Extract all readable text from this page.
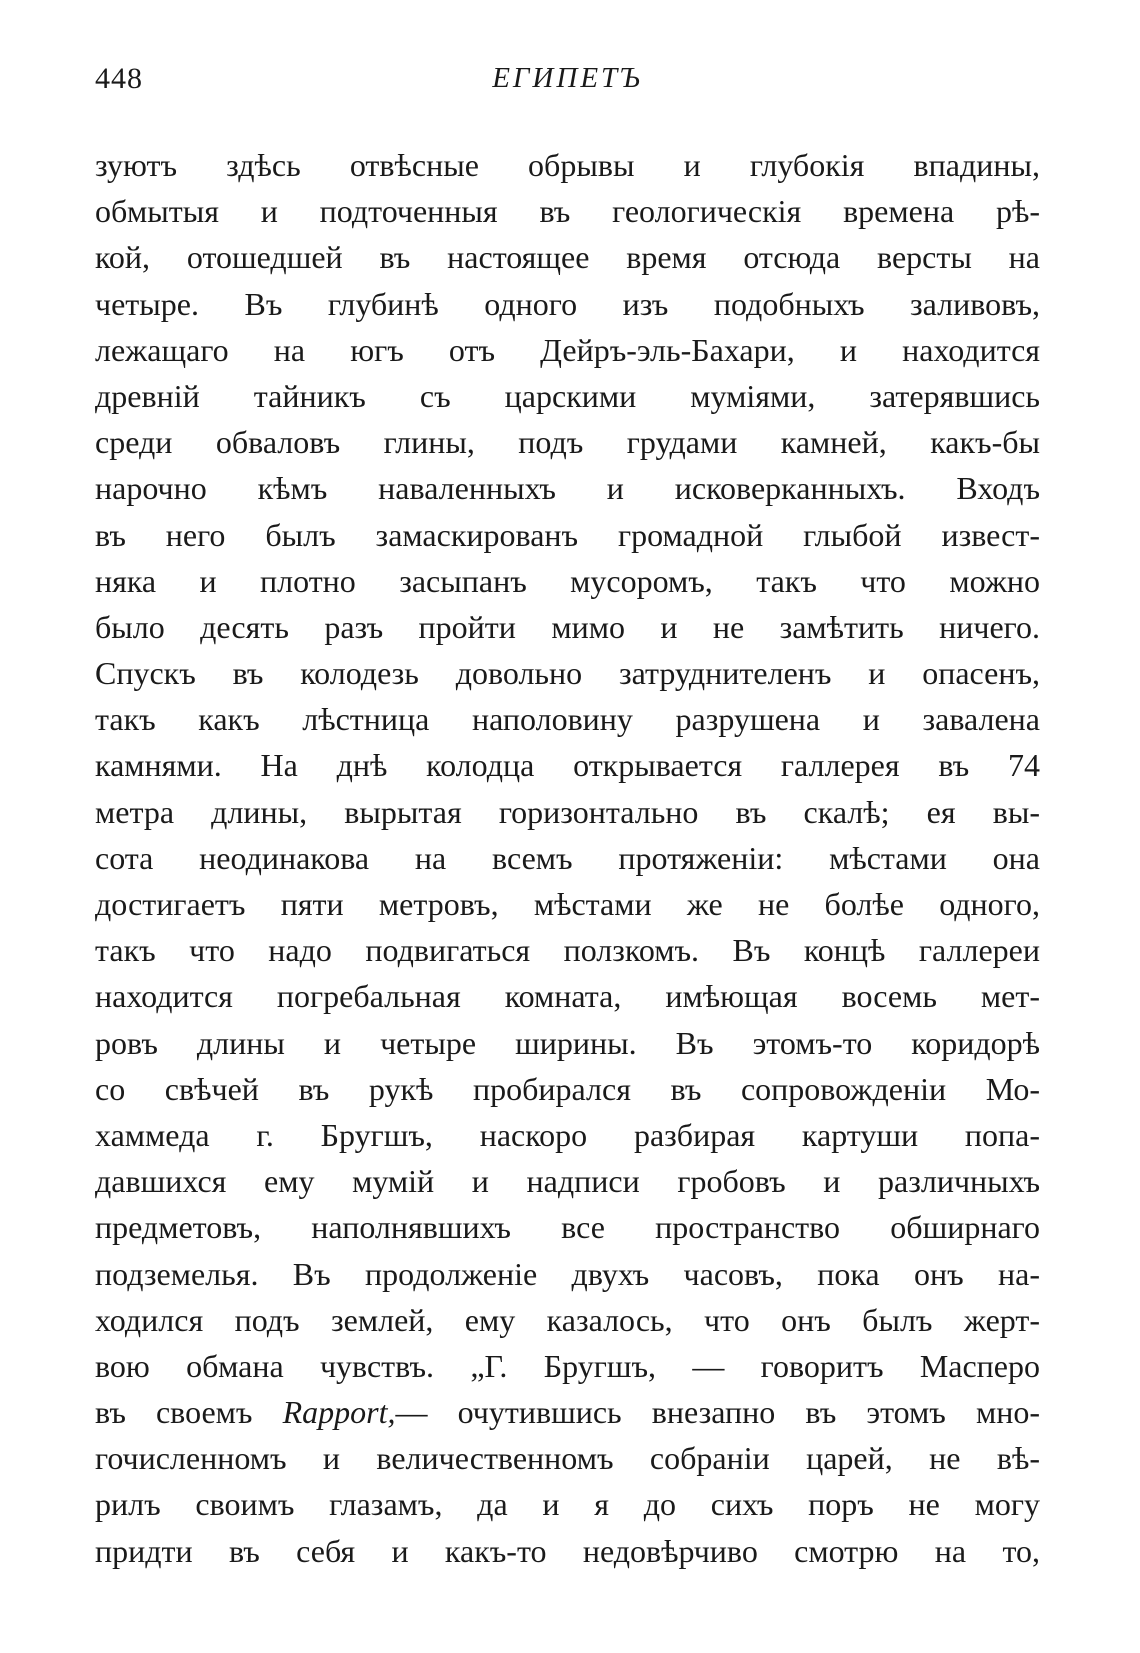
448	ЕГИПЕТЪ
зуютъ здѣсь отвѣсные обрывы и глубокія впадины,
обмытыя и подточенныя въ геологическія времена рѣ-
кой, отошедшей въ настоящее время отсюда версты на
четыре. Въ глубинѣ одного изъ подобныхъ заливовъ,
лежащаго на югъ отъ Дейръ-эль-Бахари, и находится
древній тайникъ съ царскими муміями, затерявшись
среди обваловъ глины, подъ грудами камней, какъ-бы
нарочно кѣмъ наваленныхъ и исковерканныхъ. Входъ
въ него былъ замаскированъ громадной глыбой извест-
няка и плотно засыпанъ мусоромъ, такъ что можно
было десять разъ пройти мимо и не замѣтить ничего.
Спускъ въ колодезь довольно затруднителенъ и опасенъ,
такъ какъ лѣстница наполовину разрушена и завалена
камнями. На днѣ колодца открывается галлерея въ 74
метра длины, вырытая горизонтально въ скалѣ; ея вы-
сота неодинакова на всемъ протяженіи: мѣстами она
достигаетъ пяти метровъ, мѣстами же не болѣе одного,
такъ что надо подвигаться ползкомъ. Въ концѣ галлереи
находится погребальная комната, имѣющая восемь мет-
ровъ длины и четыре ширины. Въ этомъ-то коридорѣ
со свѣчей въ рукѣ пробирался въ сопровожденіи Мо-
хаммеда г. Бругшъ, наскоро разбирая картуши попа-
давшихся ему мумій и надписи гробовъ и различныхъ
предметовъ, наполнявшихъ все пространство обширнаго
подземелья. Въ продолженіе двухъ часовъ, пока онъ на-
ходился подъ землей, ему казалось, что онъ былъ жерт-
вою обмана чувствъ. „Г. Бругшъ, — говоритъ Масперо
въ своемъ Rapport,— очутившись внезапно въ этомъ мно-
гочисленномъ и величественномъ собраніи царей, не вѣ-
рилъ своимъ глазамъ, да и я до сихъ поръ не могу
придти въ себя и какъ-то недовѣрчиво смотрю на то,
